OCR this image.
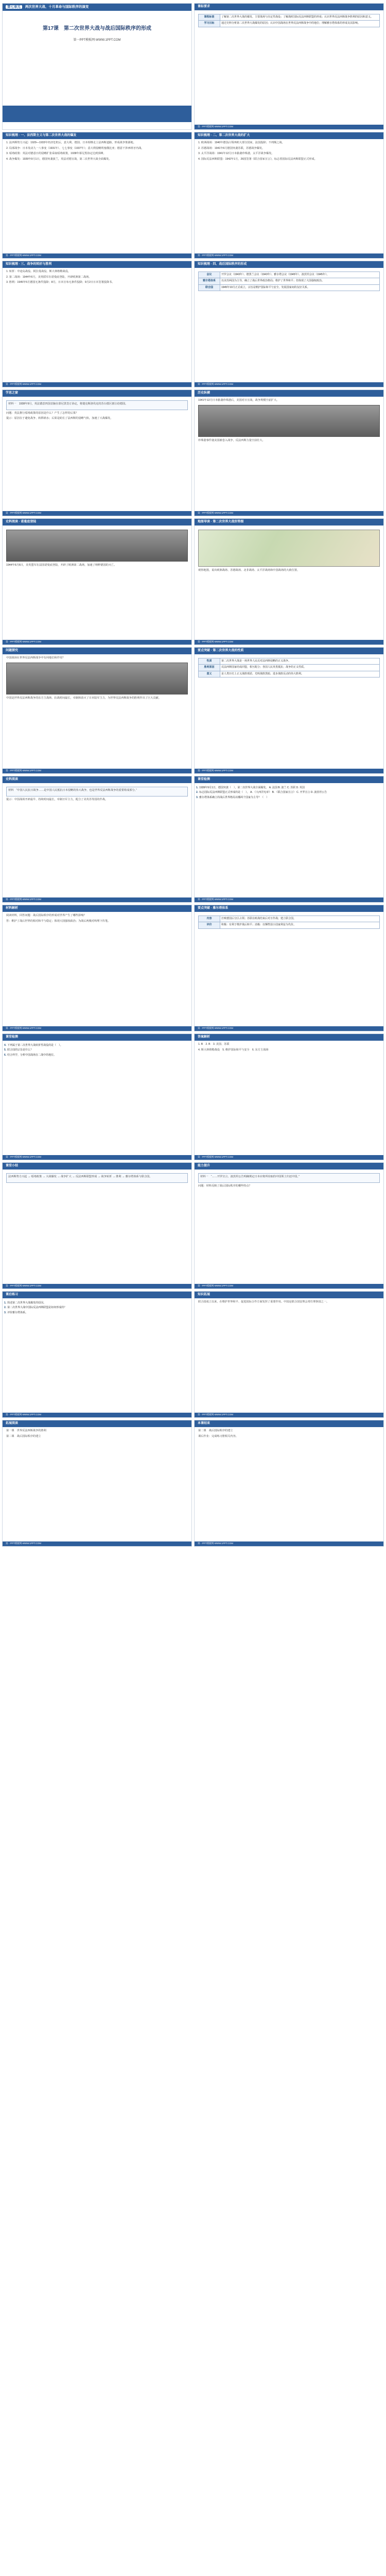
第七单元 两次世界大战、十月革命与国际秩序的演变
第17课　第二次世界大战与战后国际秩序的形成
第一PPT模板网-WWW.1PPT.COM
课标要求
课程标准	了解第二次世界大战的爆发、主要战场与决定性战役；了解战时国际反法西斯联盟的形成；认识世界反法西斯战争胜利的原因和意义。
学习目标	通过史料分析第二次世界大战爆发的原因；认识中国战场在世界反法西斯战争中的地位；理解雅尔塔体系的形成及其影响。
第一PPT模板网-WWW.1PPT.COM
知识梳理 · 一、法西斯主义与第二次世界大战的爆发

1. 法西斯势力兴起：1929—1933年经济危机后，意大利、德国、日本相继走上法西斯道路，形成战争策源地。

2. 局部战争：日本发动九一八事变（1931年）、七七事变（1937年）；意大利侵略埃塞俄比亚；德意干涉西班牙内战。

3. 绥靖政策：英法对德意日的侵略扩张采取绥靖政策，1938年慕尼黑协定达到顶峰。

4. 战争爆发：1939年9月1日，德国突袭波兰，英法对德宣战，第二次世界大战全面爆发。

第一PPT模板网-WWW.1PPT.COM
知识梳理 · 二、第二次世界大战的扩大

1. 欧洲战场：1940年德国占领西欧大部分国家，法国投降；不列颠之战。

2. 苏德战场：1941年6月德国突袭苏联，苏德战争爆发。

3. 太平洋战场：1941年12月日本偷袭珍珠港，太平洋战争爆发。

4. 国际反法西斯联盟：1942年1月，26国签署《联合国家宣言》，标志着国际反法西斯联盟正式形成。

第一PPT模板网-WWW.1PPT.COM
知识梳理 · 三、战争的转折与胜利

1. 转折：中途岛战役、阿拉曼战役、斯大林格勒战役。

2. 第二战场：1944年6月，美英联军在诺曼底登陆，开辟欧洲第二战场。

3. 胜利：1945年5月德国无条件投降；8月，日本宣布无条件投降；9月2日日本签署投降书。

第一PPT模板网-WWW.1PPT.COM
知识梳理 · 四、战后国际秩序的形成
会议	开罗会议（1943年）、德黑兰会议（1943年）、雅尔塔会议（1945年）、波茨坦会议（1945年）。
雅尔塔体系	以美苏两国为主导，确立了战后世界政治格局；维护了世界和平；但体现了大国强权政治。
联合国	1945年10月正式成立，宗旨是维护国际和平与安全，发展国家间的友好关系。
第一PPT模板网-WWW.1PPT.COM
学思之窗

材料一　1938年9月，英法德意四国首脑在慕尼黑签订协定，将捷克斯洛伐克的苏台德区割让给德国。

问题：英法推行绥靖政策的原因是什么？产生了怎样的后果？

提示：原因在于避免战争、转移祸水；后果是助长了法西斯的侵略气焰，加速了大战爆发。

第一PPT模板网-WWW.1PPT.COM
历史纵横

1941年12月日本偷袭珍珠港后，美国对日宣战，战争规模空前扩大。

珍珠港事件使美国被卷入战争，反法西斯力量空前壮大。

第一PPT模板网-WWW.1PPT.COM
史料阅读 · 诺曼底登陆

1944年6月6日，美英盟军在法国诺曼底登陆，开辟了欧洲第二战场，加速了纳粹德国的灭亡。

第一PPT模板网-WWW.1PPT.COM
地图导读 · 第二次世界大战形势图

观察地图，说出欧洲战场、苏德战场、北非战场、太平洋战场和中国战场的大致位置。

第一PPT模板网-WWW.1PPT.COM
问题探究

中国战场在世界反法西斯战争中有何地位和作用？

中国是世界反法西斯战争的东方主战场，抗战时间最长，牵制和消灭了日本陆军主力，为世界反法西斯战争的胜利作出了巨大贡献。

第一PPT模板网-WWW.1PPT.COM
要点突破 · 第二次世界大战的性质
性质	第二次世界大战是一场世界人民反对法西斯侵略的正义战争。
胜利原因	反法西斯国家结成同盟，相互配合；各国人民英勇抵抗；战争的正义性质。
意义	是人类历史上正义战胜邪恶、光明战胜黑暗、进步战胜反动的伟大胜利。
第一PPT模板网-WWW.1PPT.COM
史料阅读

材料　“中国人民抗日战争……是中国人民抵抗日本侵略的伟大战争，也是世界反法西斯战争的重要组成部分。”

提示：中国战场开辟最早、持续时间最长，牵制日军主力，配合了美英苏等国的作战。

第一PPT模板网-WWW.1PPT.COM
课堂检测

1. 1939年9月1日，德国突袭（　），第二次世界大战全面爆发。 A. 法国 B. 波兰 C. 苏联 D. 英国

2. 标志国际反法西斯联盟正式形成的是（　）。 A. 《大西洋宪章》 B. 《联合国家宣言》 C. 开罗宣言 D. 波茨坦公告

3. 雅尔塔体系确立的战后世界格局以哪两个国家为主导？（　）

第一PPT模板网-WWW.1PPT.COM
材料解析

阅读材料，回答问题：战后国际秩序的形成对世界产生了哪些影响？

答：维护了战后世界的相对和平与稳定；体现大国强权政治；为战后两极对峙埋下伏笔。

第一PPT模板网-WWW.1PPT.COM
要点突破 · 雅尔塔体系
内容	打败德国后分区占领；苏联在欧战结束后对日作战；建立联合国。
评价	积极：有利于维护战后和平；消极：以牺牲弱小国家利益为代价。
第一PPT模板网-WWW.1PPT.COM
课堂检测

4. 下列属于第二次世界大战转折性战役的是（　）。

5. 联合国的宗旨是什么？

6. 结合所学，分析中国战场在二战中的地位。

第一PPT模板网-WWW.1PPT.COM
答案解析

1. B　2. B　3. 美国、苏联

4. 斯大林格勒战役　5. 维护国际和平与安全　6. 东方主战场

第一PPT模板网-WWW.1PPT.COM
课堂小结

法西斯势力兴起 → 绥靖政策 → 大战爆发 → 战争扩大 → 反法西斯联盟形成 → 战争转折 → 胜利 → 雅尔塔体系与联合国。

第一PPT模板网-WWW.1PPT.COM
能力提升

材料一　“……开罗宣言、波茨坦公告明确规定日本应将所窃取的中国领土归还中国。”

问题：材料反映了战后国际秩序的哪些特点？

第一PPT模板网-WWW.1PPT.COM
课后练习

1. 简述第二次世界大战爆发的原因。

2. 第二次世界大战中国际反法西斯联盟是如何形成的？

3. 评价雅尔塔体系。

第一PPT模板网-WWW.1PPT.COM
知识拓展

联合国成立以来，在维护世界和平、促进国际合作方面发挥了重要作用。中国是联合国安理会常任理事国之一。

第一PPT模板网-WWW.1PPT.COM
拓展阅读

第一课　世界反法西斯战争的胜利

第二课　战后国际秩序的建立

第一PPT模板网-WWW.1PPT.COM
本课结束

第二课　战后国际秩序的建立

课后作业：完成练习册相关内容。

第一PPT模板网-WWW.1PPT.COM
